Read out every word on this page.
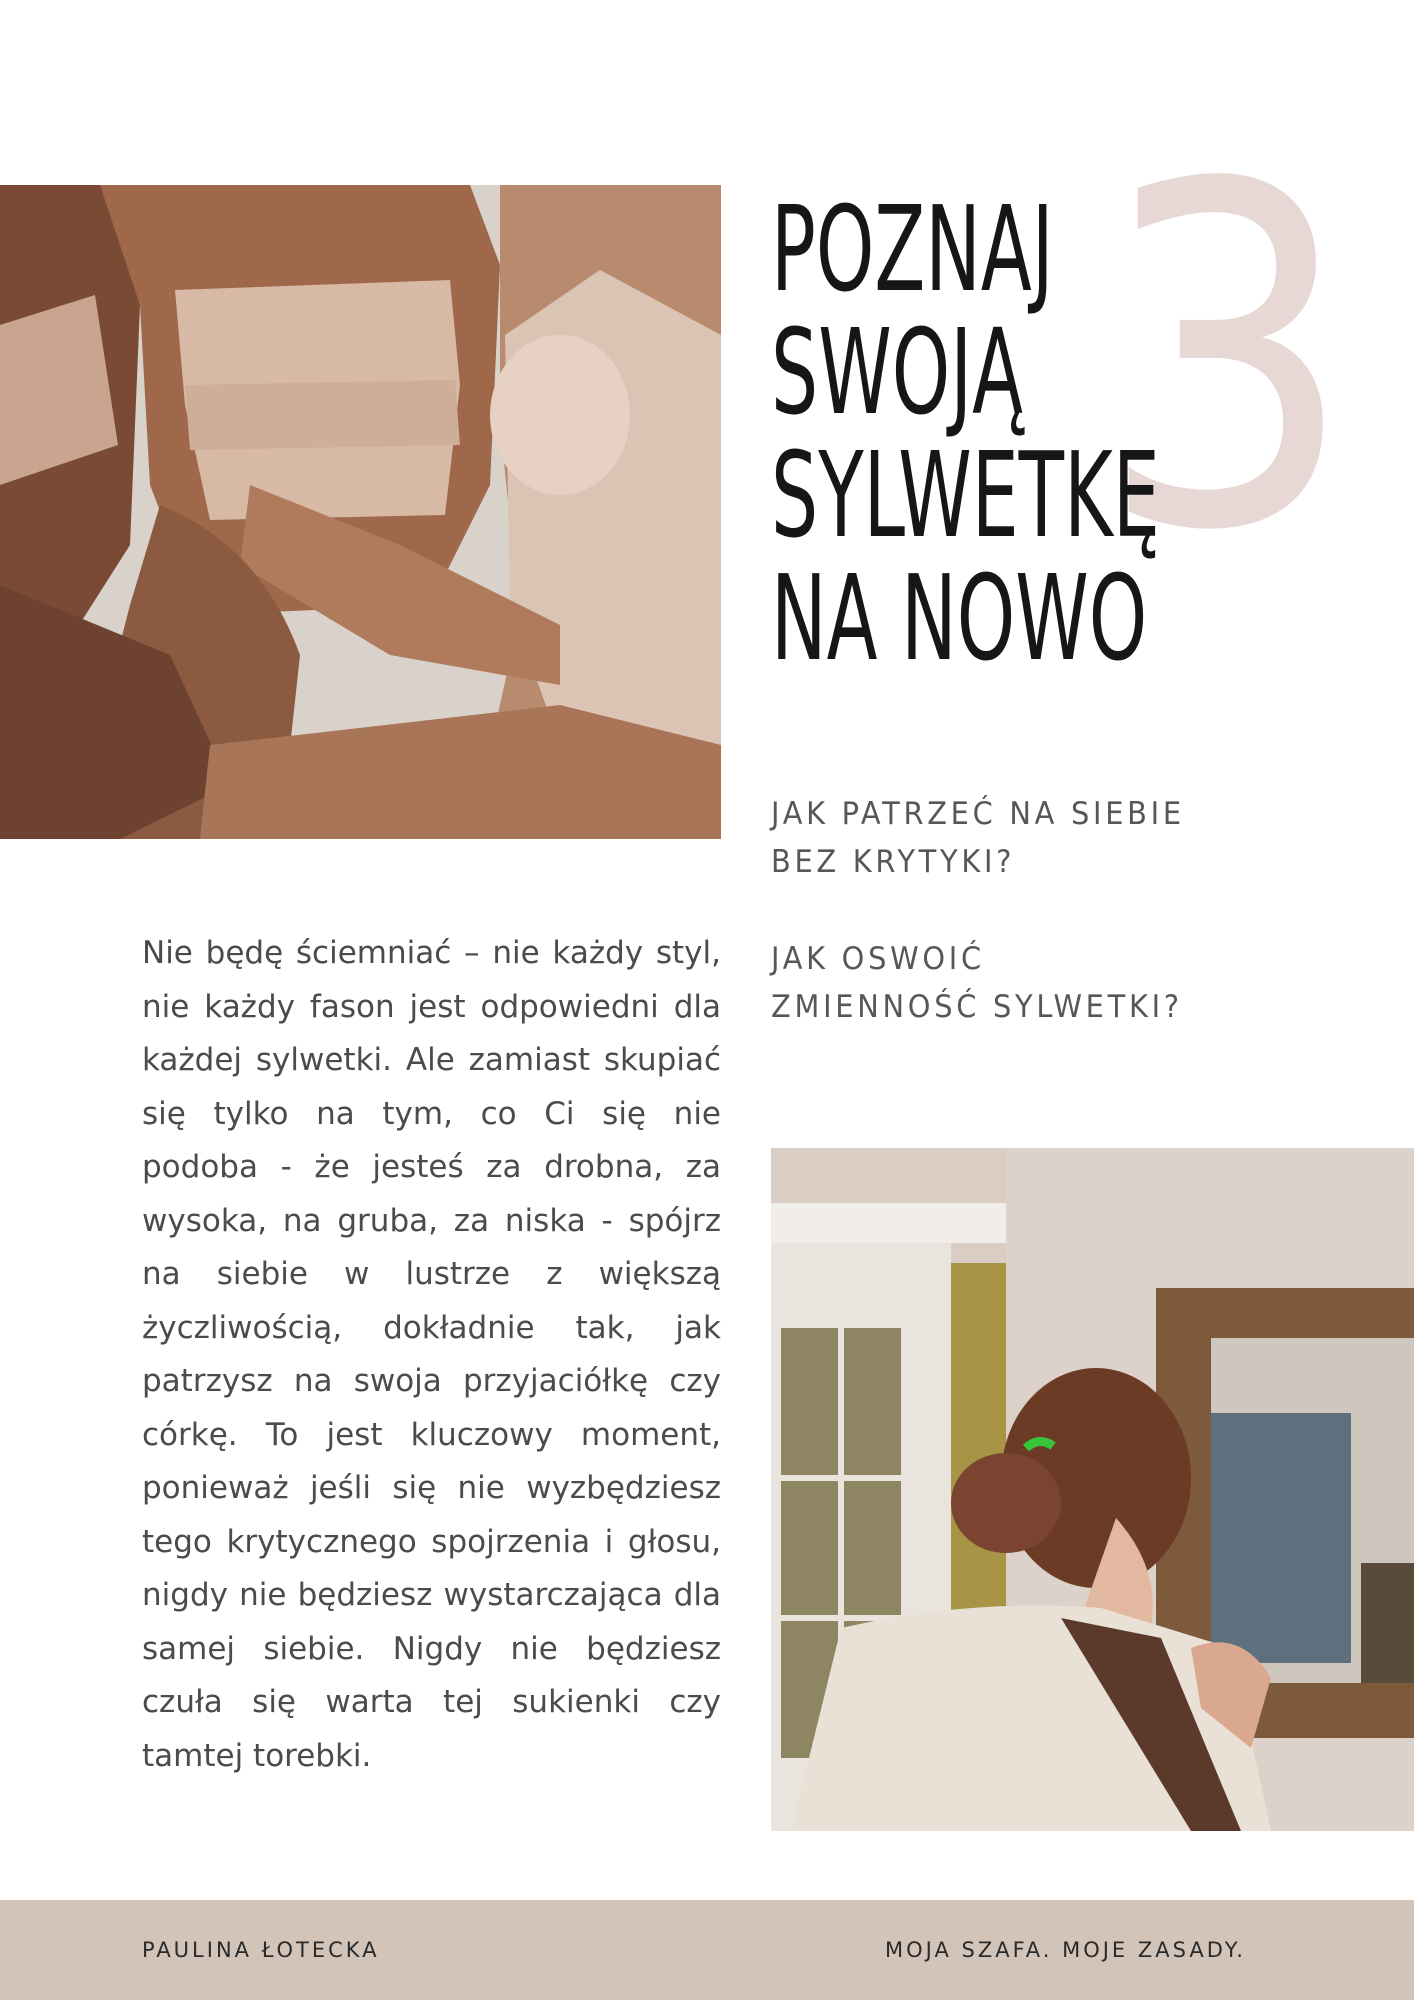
3
POZNAJ
SWOJĄ
SYLWETKĘ
NA NOWO
JAK PATRZEĆ NA SIEBIE
BEZ KRYTYKI?
JAK OSWOIĆ
ZMIENNOŚĆ SYLWETKI?

Nie będę ściemniać – nie każdy styl, nie każdy fason jest odpowiedni dla każdej sylwetki. Ale zamiast skupiać się tylko na tym, co Ci się nie podoba - że jesteś za drobna, za wysoka, na gruba, za niska - spójrz na siebie w lustrze z większą życzliwością, dokładnie tak, jak patrzysz na swoja przyjaciółkę czy córkę. To jest kluczowy moment, ponieważ jeśli się nie wyzbędziesz tego krytycznego spojrzenia i głosu, nigdy nie będziesz wystarczająca dla samej siebie. Nigdy nie będziesz czuła się warta tej sukienki czy tamtej torebki.

PAULINA ŁOTECKA	MOJA SZAFA. MOJE ZASADY.
